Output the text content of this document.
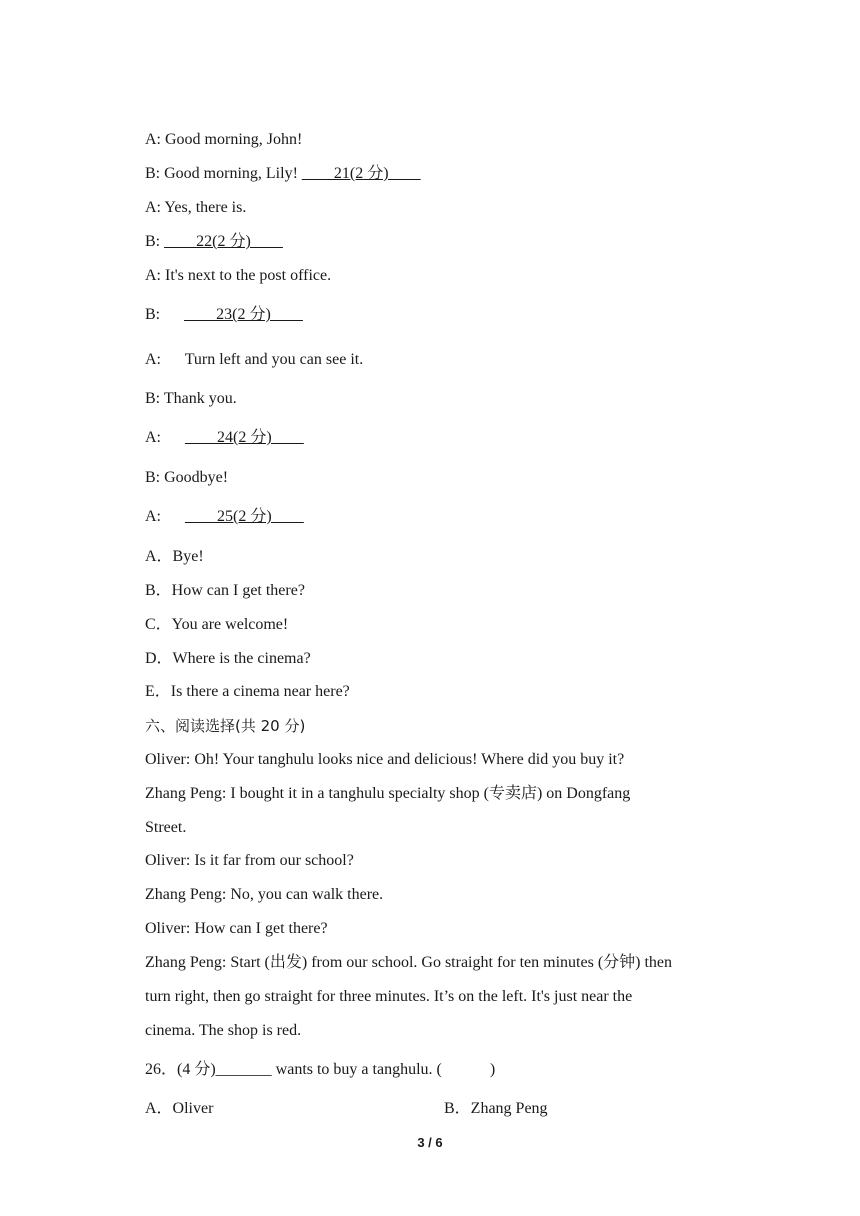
A: Good morning, John!
B: Good morning, Lily! ____21(2 分)____
A: Yes, there is.
B: ____22(2 分)____
A: It's next to the post office.
B: ____23(2 分)____
A: Turn left and you can see it.
B: Thank you.
A: ____24(2 分)____
B: Goodbye!
A: ____25(2 分)____
A．Bye!
B．How can I get there?
C．You are welcome!
D．Where is the cinema?
E．Is there a cinema near here?
六、阅读选择(共 20 分)
Oliver: Oh! Your tanghulu looks nice and delicious! Where did you buy it?
Zhang Peng: I bought it in a tanghulu specialty shop (专卖店) on Dongfang
Street.
Oliver: Is it far from our school?
Zhang Peng: No, you can walk there.
Oliver: How can I get there?
Zhang Peng: Start (出发) from our school. Go straight for ten minutes (分钟) then
turn right, then go straight for three minutes. It’s on the left. It's just near the
cinema. The shop is red.
26．(4 分)_______ wants to buy a tanghulu. (　　　)
A．Oliver	B．Zhang Peng
3 / 6
